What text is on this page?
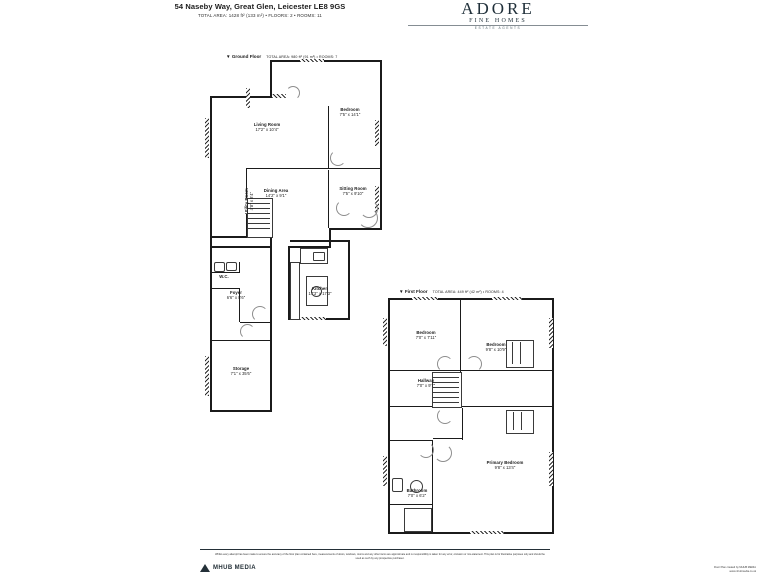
54 Naseby Way, Great Glen, Leicester LE8 9GS
TOTAL AREA: 1428 ft² (133 m²) • FLOORS: 2 • ROOMS: 11	ADORE
FINE HOMES
ESTATE AGENTS
▼ Ground Floor TOTAL AREA: 980 ft² (91 m²) • ROOMS: 7
Living Room
17'2" x 10'4"
Bedroom
7'5" x 14'1"
Dining Area
14'2" x 9'1"
Sitting Room
7'5" x 9'10"
Utility Room 4'8" x 8'4"
W.C.
Foyer
6'6" x 8'6"
Kitchen
17'3" x 17'3"
Storage
7'1" x 35'6"
▼ First Floor TOTAL AREA: 449 ft² (42 m²) • ROOMS: 4
Bedroom
7'0" x 7'11"
Bedroom
9'8" x 10'9"
Hallway
7'0" x 9'7"
Primary Bedroom
9'8" x 13'4"
Bathroom
7'0" x 6'2"
Whilst every attempt has been made to ensure the accuracy of the floor plan contained here, measurements of doors, windows, rooms and any other items are approximate and no responsibility is taken for any error, omission or mis-statement. This plan is for illustrative purposes only and should be used as such by any prospective purchaser.
MHUB MEDIA	Floor Plan created by MHUB MEDIA
www.mhubmedia.co.uk
